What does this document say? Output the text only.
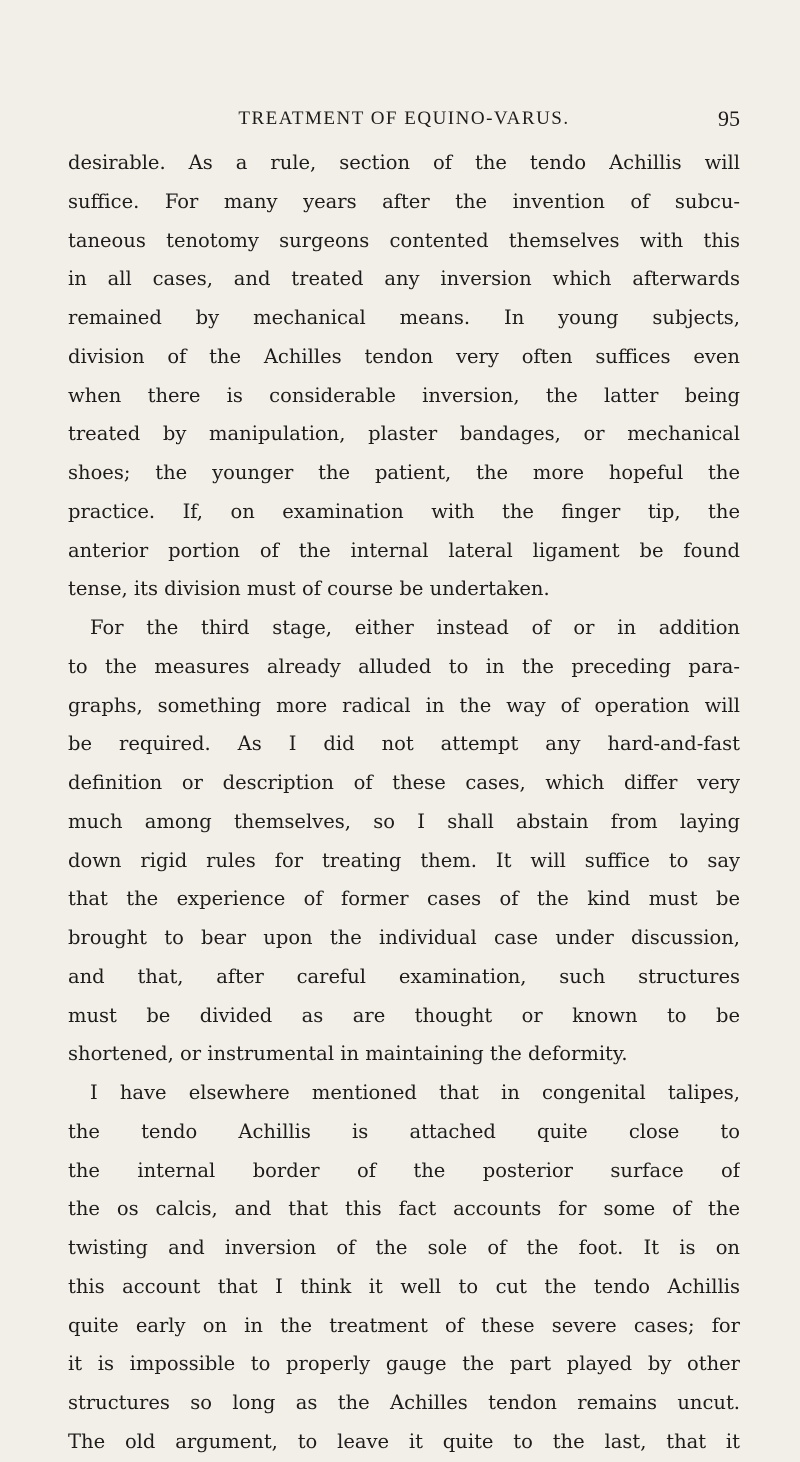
TREATMENT OF EQUINO-VARUS.	95
desirable. As a rule, section of the tendo Achillis will
suffice. For many years after the invention of subcu-
taneous tenotomy surgeons contented themselves with this
in all cases, and treated any inversion which afterwards
remained by mechanical means. In young subjects,
division of the Achilles tendon very often suffices even
when there is considerable inversion, the latter being
treated by manipulation, plaster bandages, or mechanical
shoes; the younger the patient, the more hopeful the
practice. If, on examination with the finger tip, the
anterior portion of the internal lateral ligament be found
tense, its division must of course be undertaken.
For the third stage, either instead of or in addition
to the measures already alluded to in the preceding para-
graphs, something more radical in the way of operation will
be required. As I did not attempt any hard-and-fast
definition or description of these cases, which differ very
much among themselves, so I shall abstain from laying
down rigid rules for treating them. It will suffice to say
that the experience of former cases of the kind must be
brought to bear upon the individual case under discussion,
and that, after careful examination, such structures
must be divided as are thought or known to be
shortened, or instrumental in maintaining the deformity.
I have elsewhere mentioned that in congenital talipes,
the tendo Achillis is attached quite close to
the internal border of the posterior surface of
the os calcis, and that this fact accounts for some of the
twisting and inversion of the sole of the foot. It is on
this account that I think it well to cut the tendo Achillis
quite early on in the treatment of these severe cases; for
it is impossible to properly gauge the part played by other
structures so long as the Achilles tendon remains uncut.
The old argument, to leave it quite to the last, that it
